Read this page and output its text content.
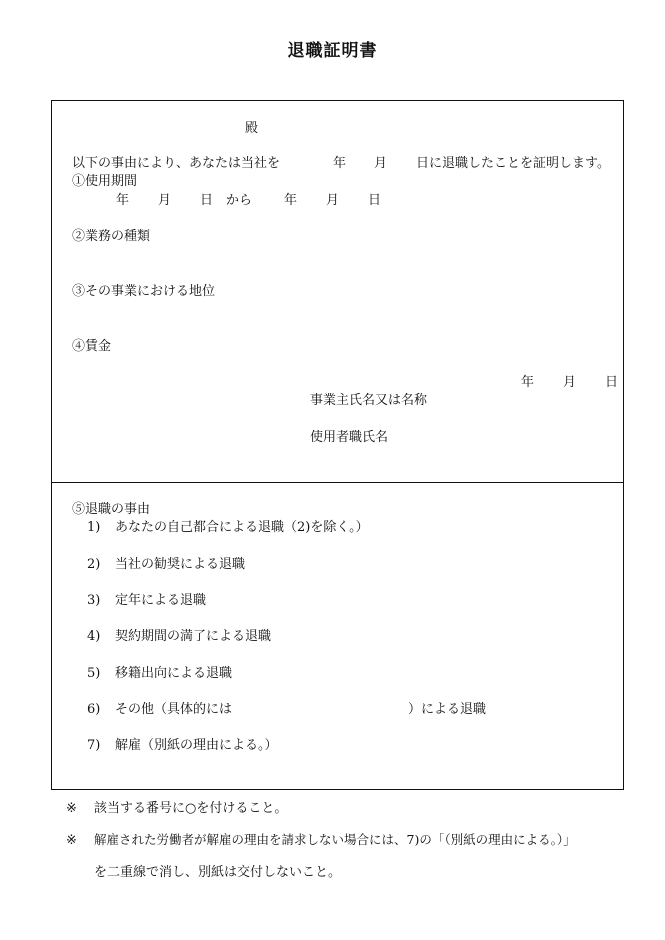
退職証明書
殿
以下の事由により、あなたは当社を	年 月 日に退職したことを証明します。
①使用期間
年 月 日 から 年 月 日
②業務の種類
③その事業における地位
④賃金
年 月 日
事業主氏名又は名称
使用者職氏名
⑤退職の事由
1) あなたの自己都合による退職（2)を除く。）
2) 当社の勧奨による退職
3) 定年による退職
4) 契約期間の満了による退職
5) 移籍出向による退職
6) その他（具体的には	）による退職
7) 解雇（別紙の理由による。）
※ 該当する番号に○を付けること。
※ 解雇された労働者が解雇の理由を請求しない場合には、7)の「（別紙の理由による。）」
を二重線で消し、別紙は交付しないこと。
